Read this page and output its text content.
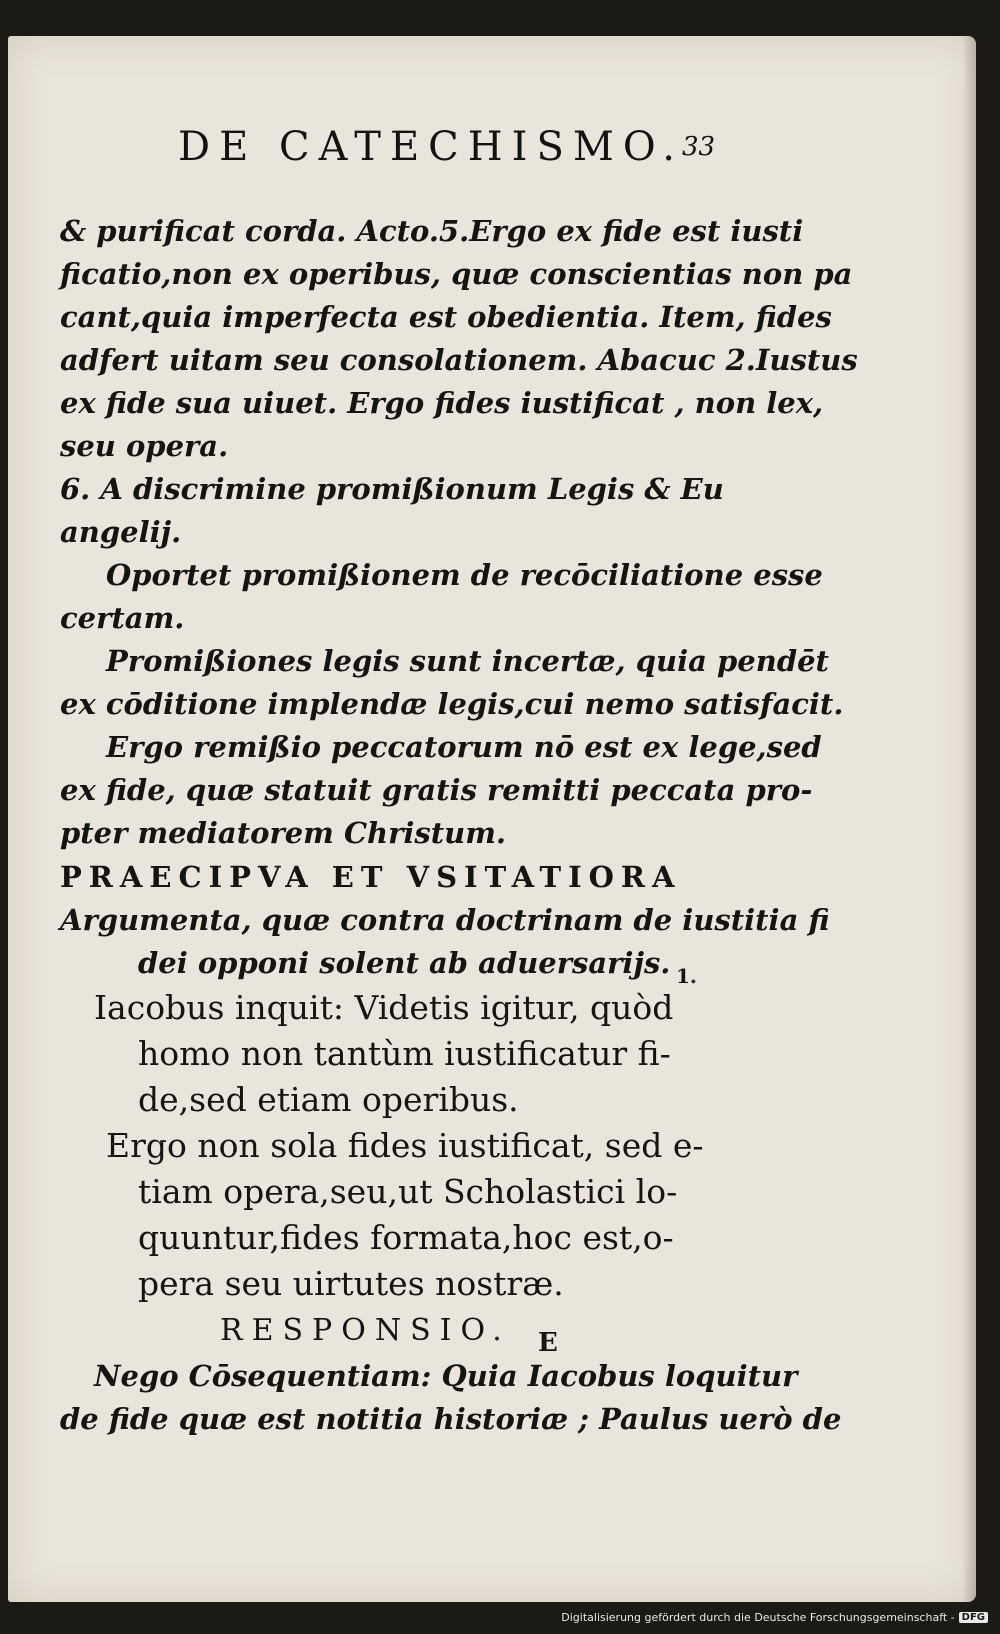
DE CATECHISMO.
33
& purificat corda. Acto.5.Ergo ex fide est iusti
ficatio,non ex operibus, quæ conscientias non pa
cant,quia imperfecta est obedientia. Item, fides
adfert uitam seu consolationem. Abacuc 2.Iustus
ex fide sua uiuet. Ergo fides iustificat , non lex,
seu opera.
6. A discrimine promißionum Legis & Eu
angelij.
Oportet promißionem de recōciliatione esse
certam.
Promißiones legis sunt incertæ, quia pendēt
ex cōditione implendæ legis,cui nemo satisfacit.
Ergo remißio peccatorum nō est ex lege,sed
ex fide, quæ statuit gratis remitti peccata pro-
pter mediatorem Christum.
PRAECIPVA ET VSITATIORA
Argumenta, quæ contra doctrinam de iustitia fi
dei opponi solent ab aduersarijs.
Iacobus inquit: Videtis igitur, quòd
homo non tantùm iustificatur fi-
de,sed etiam operibus.
Ergo non sola fides iustificat, sed e-
tiam opera,seu,ut Scholastici lo-
quuntur,fides formata,hoc est,o-
pera seu uirtutes nostræ.
RESPONSIO.
Nego Cōsequentiam: Quia Iacobus loquitur
de fide quæ est notitia historiæ ; Paulus uerò de
1.
E
Digitalisierung gefördert durch die Deutsche Forschungsgemeinschaft - DFG
